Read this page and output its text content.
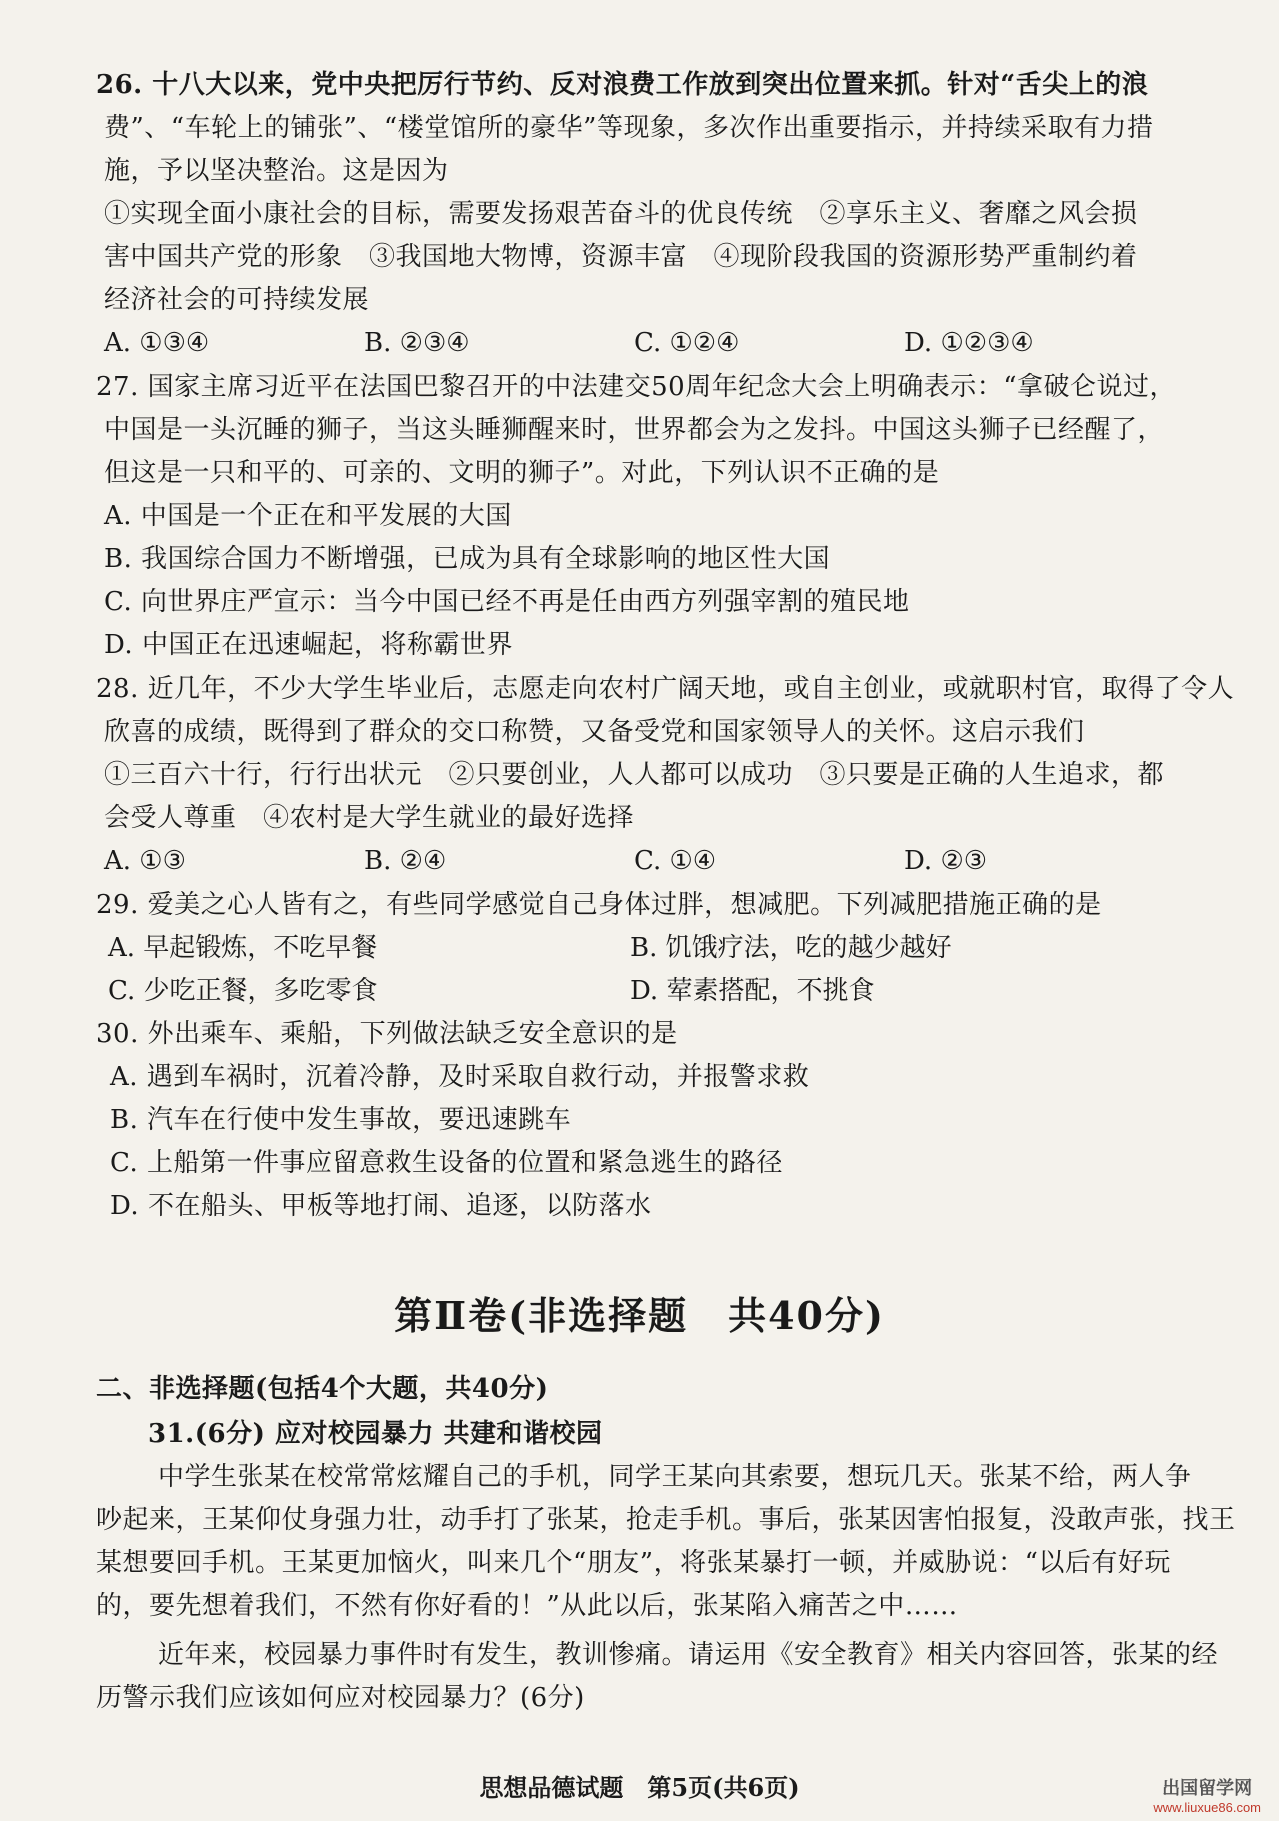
26. 十八大以来，党中央把厉行节约、反对浪费工作放到突出位置来抓。针对“舌尖上的浪
费”、“车轮上的铺张”、“楼堂馆所的豪华”等现象，多次作出重要指示，并持续采取有力措
施，予以坚决整治。这是因为
①实现全面小康社会的目标，需要发扬艰苦奋斗的优良传统　②享乐主义、奢靡之风会损
害中国共产党的形象　③我国地大物博，资源丰富　④现阶段我国的资源形势严重制约着
经济社会的可持续发展
A. ①③④	B. ②③④	C. ①②④	D. ①②③④
27. 国家主席习近平在法国巴黎召开的中法建交50周年纪念大会上明确表示：“拿破仑说过，
中国是一头沉睡的狮子，当这头睡狮醒来时，世界都会为之发抖。中国这头狮子已经醒了，
但这是一只和平的、可亲的、文明的狮子”。对此，下列认识不正确的是
A. 中国是一个正在和平发展的大国
B. 我国综合国力不断增强，已成为具有全球影响的地区性大国
C. 向世界庄严宣示：当今中国已经不再是任由西方列强宰割的殖民地
D. 中国正在迅速崛起，将称霸世界
28. 近几年，不少大学生毕业后，志愿走向农村广阔天地，或自主创业，或就职村官，取得了令人
欣喜的成绩，既得到了群众的交口称赞，又备受党和国家领导人的关怀。这启示我们
①三百六十行，行行出状元　②只要创业，人人都可以成功　③只要是正确的人生追求，都
会受人尊重　④农村是大学生就业的最好选择
A. ①③	B. ②④	C. ①④	D. ②③
29. 爱美之心人皆有之，有些同学感觉自己身体过胖，想减肥。下列减肥措施正确的是
A. 早起锻炼，不吃早餐	B. 饥饿疗法，吃的越少越好
C. 少吃正餐，多吃零食	D. 荤素搭配，不挑食
30. 外出乘车、乘船，下列做法缺乏安全意识的是
A. 遇到车祸时，沉着冷静，及时采取自救行动，并报警求救
B. 汽车在行使中发生事故，要迅速跳车
C. 上船第一件事应留意救生设备的位置和紧急逃生的路径
D. 不在船头、甲板等地打闹、追逐，以防落水
第Ⅱ卷(非选择题　共40分)
二、非选择题(包括4个大题，共40分)
31.(6分) 应对校园暴力 共建和谐校园
中学生张某在校常常炫耀自己的手机，同学王某向其索要，想玩几天。张某不给，两人争
吵起来，王某仰仗身强力壮，动手打了张某，抢走手机。事后，张某因害怕报复，没敢声张，找王
某想要回手机。王某更加恼火，叫来几个“朋友”，将张某暴打一顿，并威胁说：“以后有好玩
的，要先想着我们，不然有你好看的！”从此以后，张某陷入痛苦之中……
近年来，校园暴力事件时有发生，教训惨痛。请运用《安全教育》相关内容回答，张某的经
历警示我们应该如何应对校园暴力？(6分)
思想品德试题　第5页(共6页)	出国留学网
www.liuxue86.com
